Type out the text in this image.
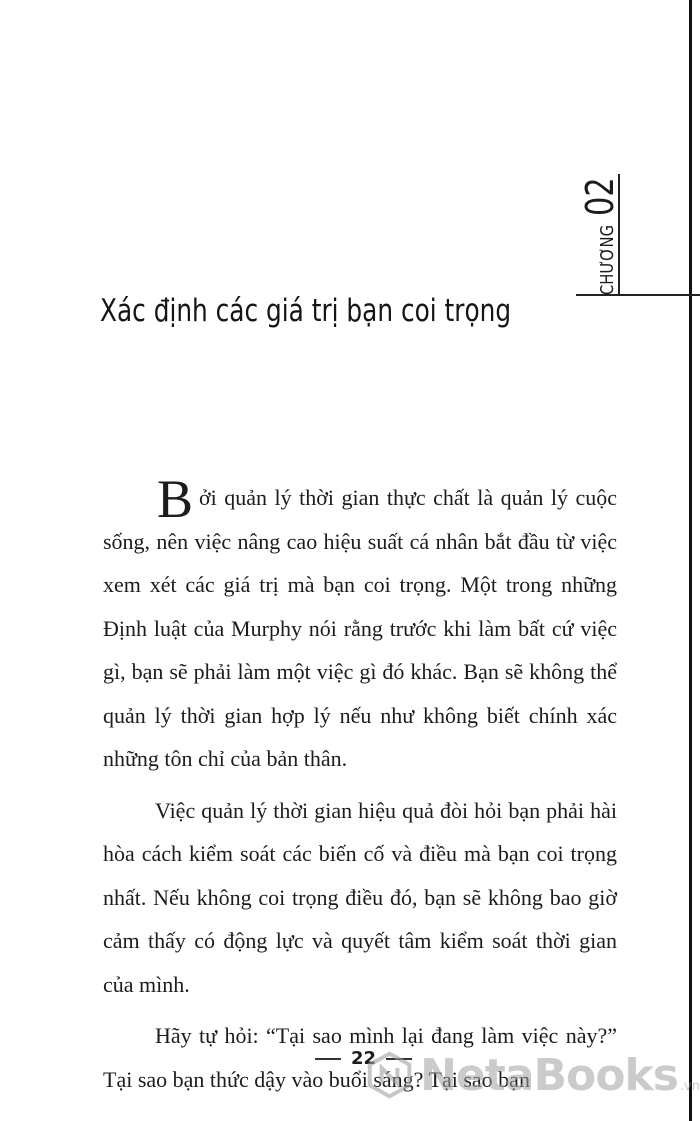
CHƯƠNG
02
Xác định các giá trị bạn coi trọng

Bởi quản lý thời gian thực chất là quản lý cuộc sống, nên việc nâng cao hiệu suất cá nhân bắt đầu từ việc xem xét các giá trị mà bạn coi trọng. Một trong những Định luật của Murphy nói rằng trước khi làm bất cứ việc gì, bạn sẽ phải làm một việc gì đó khác. Bạn sẽ không thể quản lý thời gian hợp lý nếu như không biết chính xác những tôn chỉ của bản thân.

Việc quản lý thời gian hiệu quả đòi hỏi bạn phải hài hòa cách kiểm soát các biến cố và điều mà bạn coi trọng nhất. Nếu không coi trọng điều đó, bạn sẽ không bao giờ cảm thấy có động lực và quyết tâm kiểm soát thời gian của mình.

Hãy tự hỏi: “Tại sao mình lại đang làm việc này?” Tại sao bạn thức dậy vào buổi sáng? Tại sao bạn

22 NetaBooks .vn
